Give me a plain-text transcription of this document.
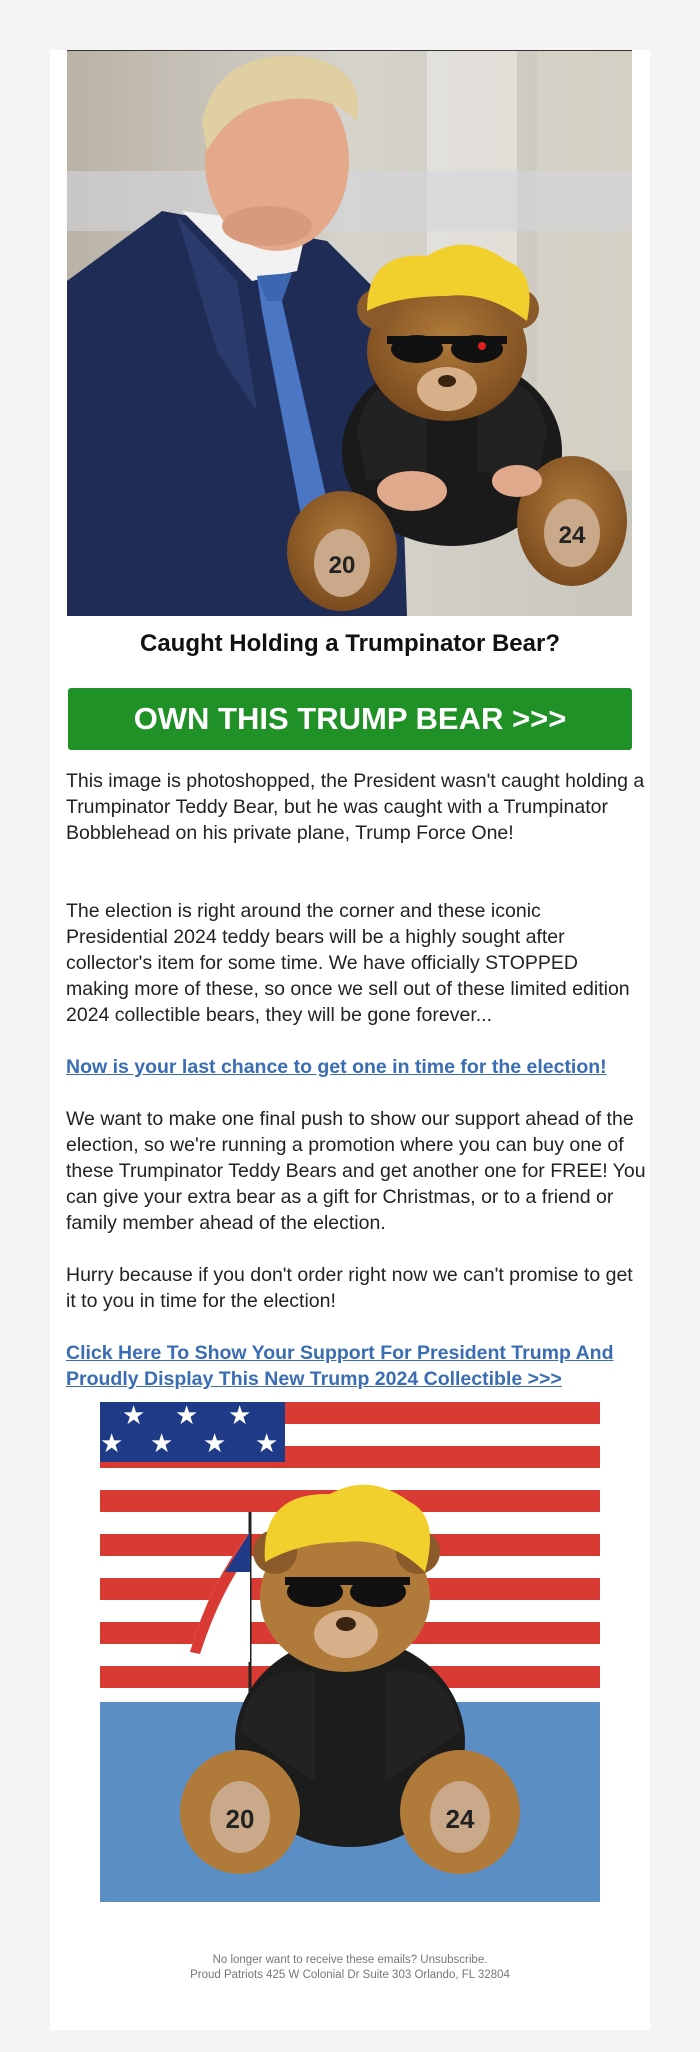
20
24
Caught Holding a Trumpinator Bear?
OWN THIS TRUMP BEAR >>>

This image is photoshopped, the President wasn't caught holding a Trumpinator Teddy Bear, but he was caught with a Trumpinator Bobblehead on his private plane, Trump Force One!

The election is right around the corner and these iconic Presidential 2024 teddy bears will be a highly sought after collector's item for some time. We have officially STOPPED making more of these, so once we sell out of these limited edition 2024 collectible bears, they will be gone forever...

Now is your last chance to get one in time for the election!

We want to make one final push to show our support ahead of the election, so we're running a promotion where you can buy one of these Trumpinator Teddy Bears and get another one for FREE! You can give your extra bear as a gift for Christmas, or to a friend or family member ahead of the election.

Hurry because if you don't order right now we can't promise to get it to you in time for the election!

Click Here To Show Your Support For President Trump And Proudly Display This New Trump 2024 Collectible >>>
★ ★ ★
★ ★ ★ ★
20	24
No longer want to receive these emails? Unsubscribe.
Proud Patriots 425 W Colonial Dr Suite 303 Orlando, FL 32804
